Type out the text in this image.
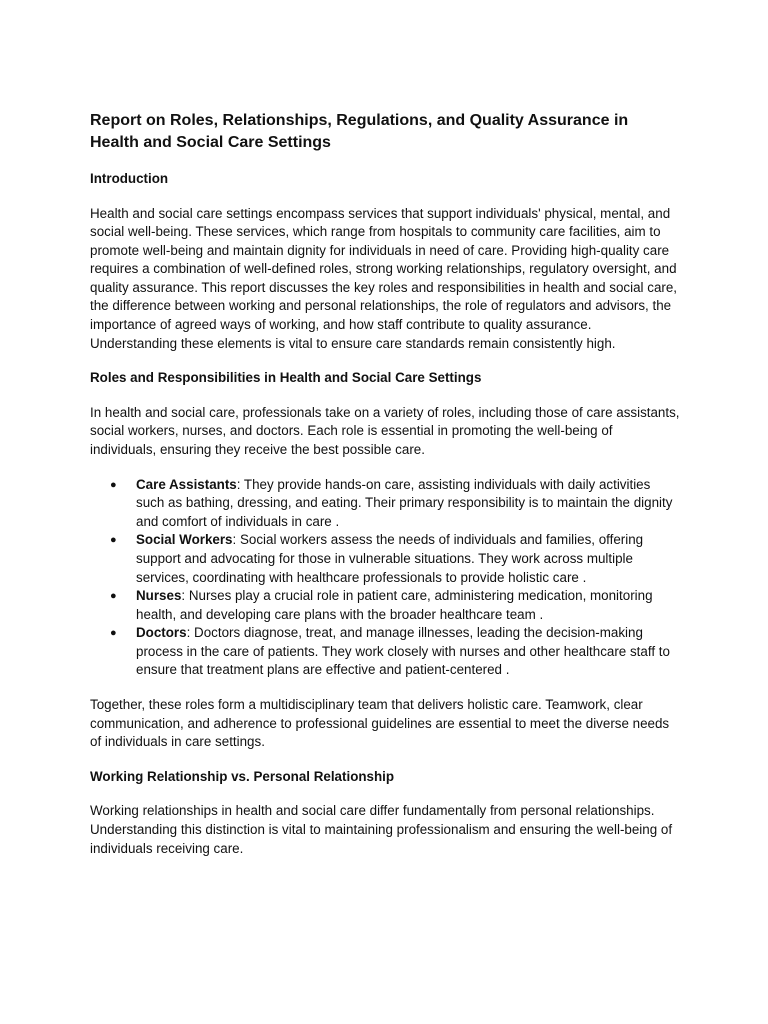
Report on Roles, Relationships, Regulations, and Quality Assurance in Health and Social Care Settings
Introduction

Health and social care settings encompass services that support individuals' physical, mental, and social well-being. These services, which range from hospitals to community care facilities, aim to promote well-being and maintain dignity for individuals in need of care. Providing high-quality care requires a combination of well-defined roles, strong working relationships, regulatory oversight, and quality assurance. This report discusses the key roles and responsibilities in health and social care, the difference between working and personal relationships, the role of regulators and advisors, the importance of agreed ways of working, and how staff contribute to quality assurance. Understanding these elements is vital to ensure care standards remain consistently high.

Roles and Responsibilities in Health and Social Care Settings

In health and social care, professionals take on a variety of roles, including those of care assistants, social workers, nurses, and doctors. Each role is essential in promoting the well-being of individuals, ensuring they receive the best possible care.

● Care Assistants: They provide hands-on care, assisting individuals with daily activities such as bathing, dressing, and eating. Their primary responsibility is to maintain the dignity and comfort of individuals in care .
● Social Workers: Social workers assess the needs of individuals and families, offering support and advocating for those in vulnerable situations. They work across multiple services, coordinating with healthcare professionals to provide holistic care .
● Nurses: Nurses play a crucial role in patient care, administering medication, monitoring health, and developing care plans with the broader healthcare team .
● Doctors: Doctors diagnose, treat, and manage illnesses, leading the decision-making process in the care of patients. They work closely with nurses and other healthcare staff to ensure that treatment plans are effective and patient-centered .

Together, these roles form a multidisciplinary team that delivers holistic care. Teamwork, clear communication, and adherence to professional guidelines are essential to meet the diverse needs of individuals in care settings.

Working Relationship vs. Personal Relationship

Working relationships in health and social care differ fundamentally from personal relationships. Understanding this distinction is vital to maintaining professionalism and ensuring the well-being of individuals receiving care.
